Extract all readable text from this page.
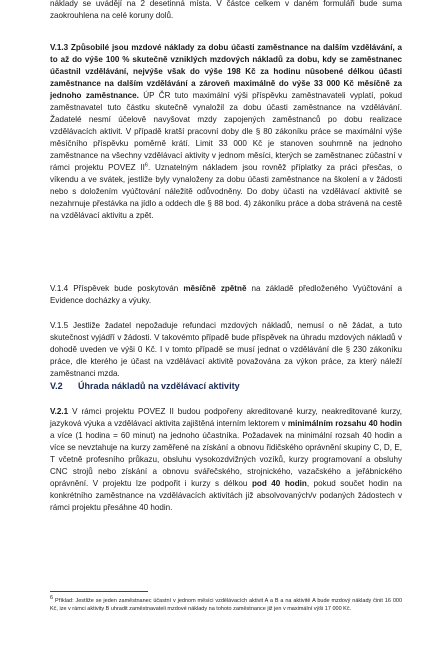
náklady se uvádějí na 2 desetinná místa. V částce celkem v daném formuláři bude suma zaokrouhlena na celé koruny dolů.

V.1.3 Způsobilé jsou mzdové náklady za dobu účasti zaměstnance na dalším vzdělávání, a to až do výše 100 % skutečně vzniklých mzdových nákladů za dobu, kdy se zaměstnanec účastnil vzdělávání, nejvýše však do výše 198 Kč za hodinu nûsobené délkou účasti zaměstnance na dalším vzdělávání a zároveň maximálně do výše 33 000 Kč měsíčně za jednoho zaměstnance. ÚP ČR tuto maximální výši příspěvku zaměstnavateli vyplatí, pokud zaměstnavatel tuto částku skutečně vynaložil za dobu účasti zaměstnance na vzdělávání. Žadatelé nesmí účelově navyšovat mzdy zapojených zaměstnanců po dobu realizace vzdělávacích aktivit. V případě kratší pracovní doby dle § 80 zákoníku práce se maximální výše měsíčního příspěvku poměrně krátí. Limit 33 000 Kč je stanoven souhrnně na jednoho zaměstnance na všechny vzdělávací aktivity v jednom měsíci, kterých se zaměstnanec zúčastní v rámci projektu POVEZ $II^6$. Uznatelným nákladem jsou rovněž příplatky za práci přesčas, o víkendu a ve svátek, jestliže byly vynaloženy za dobu účasti zaměstnance na školení a v žádosti nebo s doložením vyúčtování náležitě odůvodněny. Do doby účasti na vzdělávací aktivitě se nezahrnuje přestávka na jídlo a oddech dle § 88 bod. 4) zákoníku práce a doba strávená na cestě na vzdělávací aktivitu a zpět.

V.1.4 Příspěvek bude poskytován měsíčně zpětně na základě předloženého Vyúčtování a Evidence docházky a výuky.

V.1.5 Jestliže žadatel nepožaduje refundaci mzdových nákladů, nemusí o ně žádat, a tuto skutečnost vyjádří v žádosti. V takovémto případě bude příspěvek na úhradu mzdových nákladů v dohodě uveden ve výši 0 Kč. I v tomto případě se musí jednat o vzdělávání dle § 230 zákoníku práce, dle kterého je účast na vzdělávací aktivitě považována za výkon práce, za který náleží zaměstnanci mzda.

V.2 Úhrada nákladů na vzdělávací aktivity

V.2.1 V rámci projektu POVEZ II budou podpořeny akreditované kurzy, neakreditované kurzy, jazyková výuka a vzdělávací aktivita zajištěná interním lektorem v minimálním rozsahu 40 hodin a více (1 hodina = 60 minut) na jednoho účastníka. Požadavek na minimální rozsah 40 hodin a více se nevztahuje na kurzy zaměřené na získání a obnovu řidičského oprávnění skupiny C, D, E, T včetně profesního průkazu, obsluhu vysokozdvižných vozíků, kurzy programovaní a obsluhy CNC strojů nebo získání a obnovu svářečského, strojnického, vazačského a jeřábnického oprávnění. V projektu lze podpořit i kurzy s délkou pod 40 hodin, pokud součet hodin na konkrétního zaměstnance na vzdělávacích aktivitách již absolvovaných/v podaných žádostech v rámci projektu přesáhne 40 hodin.

$^6$ Příklad: Jestliže se jeden zaměstnanec účastní v jednom měsíci vzdělávacích aktivit A a B a na aktivitě A bude mzdový náklady činit 16 000 Kč, ize v rámci aktivity B uhradit zaměstnavateli mzdové náklady na tohoto zaměstnance již jen v maximální výši 17 000 Kč.
